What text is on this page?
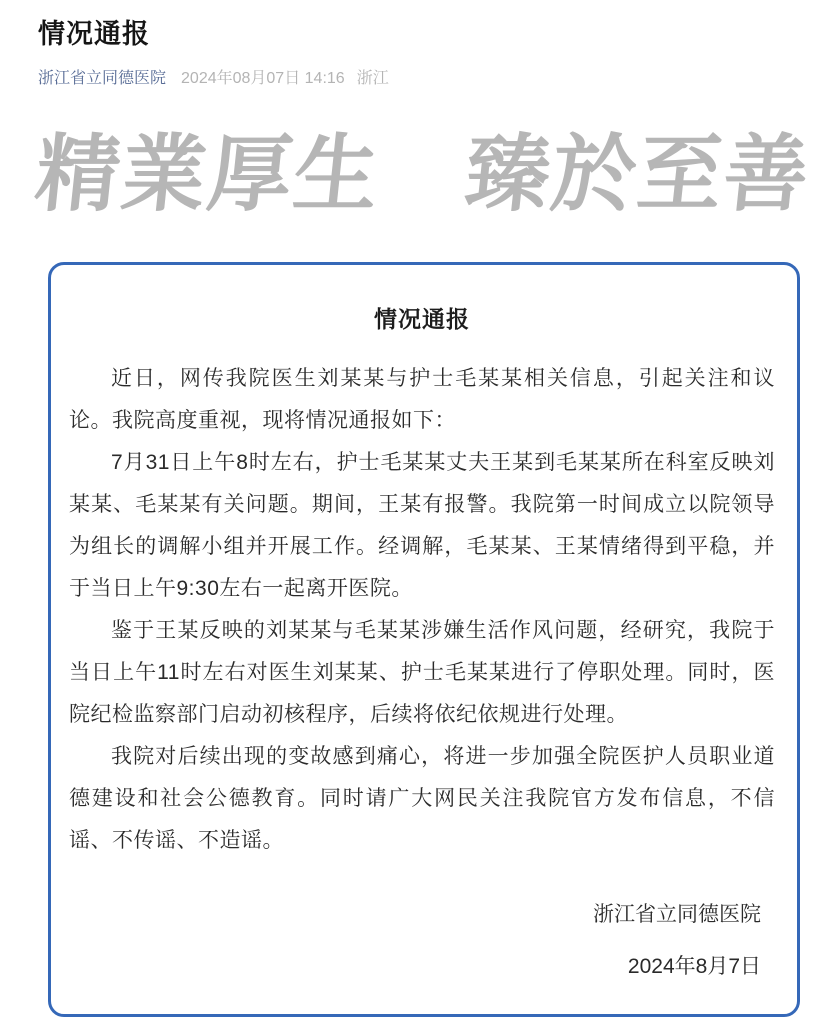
情况通报
浙江省立同德医院 2024年08月07日 14:16 浙江
精業厚生　臻於至善
情况通报

近日，网传我院医生刘某某与护士毛某某相关信息，引起关注和议论。我院高度重视，现将情况通报如下：

7月31日上午8时左右，护士毛某某丈夫王某到毛某某所在科室反映刘某某、毛某某有关问题。期间，王某有报警。我院第一时间成立以院领导为组长的调解小组并开展工作。经调解，毛某某、王某情绪得到平稳，并于当日上午9:30左右一起离开医院。

鉴于王某反映的刘某某与毛某某涉嫌生活作风问题，经研究，我院于当日上午11时左右对医生刘某某、护士毛某某进行了停职处理。同时，医院纪检监察部门启动初核程序，后续将依纪依规进行处理。

我院对后续出现的变故感到痛心，将进一步加强全院医护人员职业道德建设和社会公德教育。同时请广大网民关注我院官方发布信息，不信谣、不传谣、不造谣。

浙江省立同德医院
2024年8月7日
